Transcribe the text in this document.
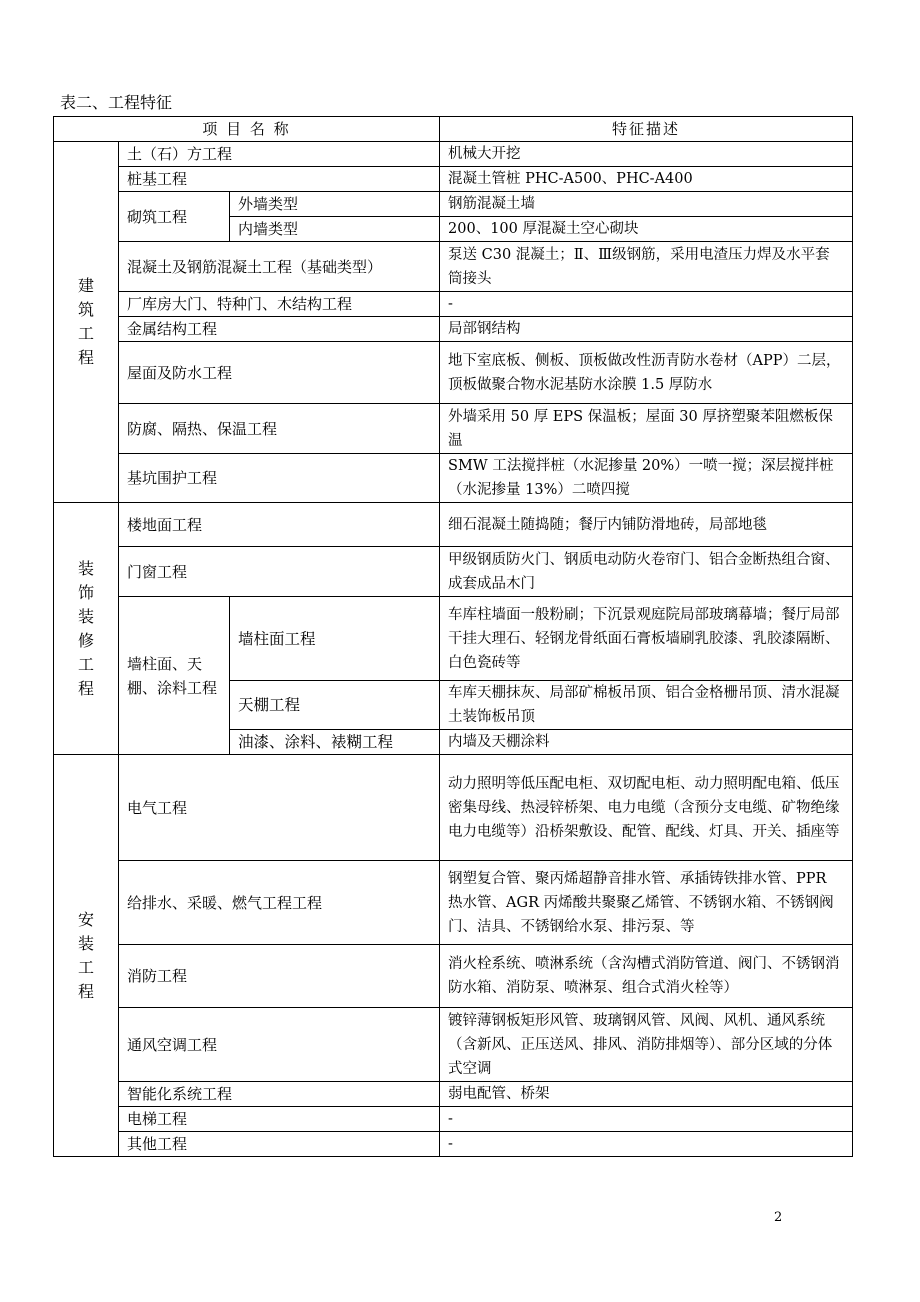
表二、工程特征
项 目 名 称			特征描述
建筑工程	土（石）方工程		机械大开挖
	桩基工程		混凝土管桩 PHC-A500、PHC-A400
	砌筑工程	外墙类型	钢筋混凝土墙
		内墙类型	200、100 厚混凝土空心砌块
	混凝土及钢筋混凝土工程（基础类型）		泵送 C30 混凝土；Ⅱ、Ⅲ级钢筋，采用电渣压力焊及水平套筒接头
	厂库房大门、特种门、木结构工程		-
	金属结构工程		局部钢结构
	屋面及防水工程		地下室底板、侧板、顶板做改性沥青防水卷材（APP）二层，顶板做聚合物水泥基防水涂膜 1.5 厚防水
	防腐、隔热、保温工程		外墙采用 50 厚 EPS 保温板；屋面 30 厚挤塑聚苯阻燃板保温
	基坑围护工程		SMW 工法搅拌桩（水泥掺量 20%）一喷一搅；深层搅拌桩（水泥掺量 13%）二喷四搅
装饰装修工程	楼地面工程		细石混凝土随捣随；餐厅内铺防滑地砖，局部地毯
	门窗工程		甲级钢质防火门、钢质电动防火卷帘门、铝合金断热组合窗、成套成品木门
	墙柱面、天棚、涂料工程	墙柱面工程	车库柱墙面一般粉刷；下沉景观庭院局部玻璃幕墙；餐厅局部干挂大理石、轻钢龙骨纸面石膏板墙刷乳胶漆、乳胶漆隔断、白色瓷砖等
		天棚工程	车库天棚抹灰、局部矿棉板吊顶、铝合金格栅吊顶、清水混凝土装饰板吊顶
		油漆、涂料、裱糊工程	内墙及天棚涂料
安装工程	电气工程		动力照明等低压配电柜、双切配电柜、动力照明配电箱、低压密集母线、热浸锌桥架、电力电缆（含预分支电缆、矿物绝缘电力电缆等）沿桥架敷设、配管、配线、灯具、开关、插座等
	给排水、采暖、燃气工程工程		钢塑复合管、聚丙烯超静音排水管、承插铸铁排水管、PPR 热水管、AGR 丙烯酸共聚聚乙烯管、不锈钢水箱、不锈钢阀门、洁具、不锈钢给水泵、排污泵、等
	消防工程		消火栓系统、喷淋系统（含沟槽式消防管道、阀门、不锈钢消防水箱、消防泵、喷淋泵、组合式消火栓等）
	通风空调工程		镀锌薄钢板矩形风管、玻璃钢风管、风阀、风机、通风系统（含新风、正压送风、排风、消防排烟等）、部分区域的分体式空调
	智能化系统工程		弱电配管、桥架
	电梯工程		-
	其他工程		-
2
